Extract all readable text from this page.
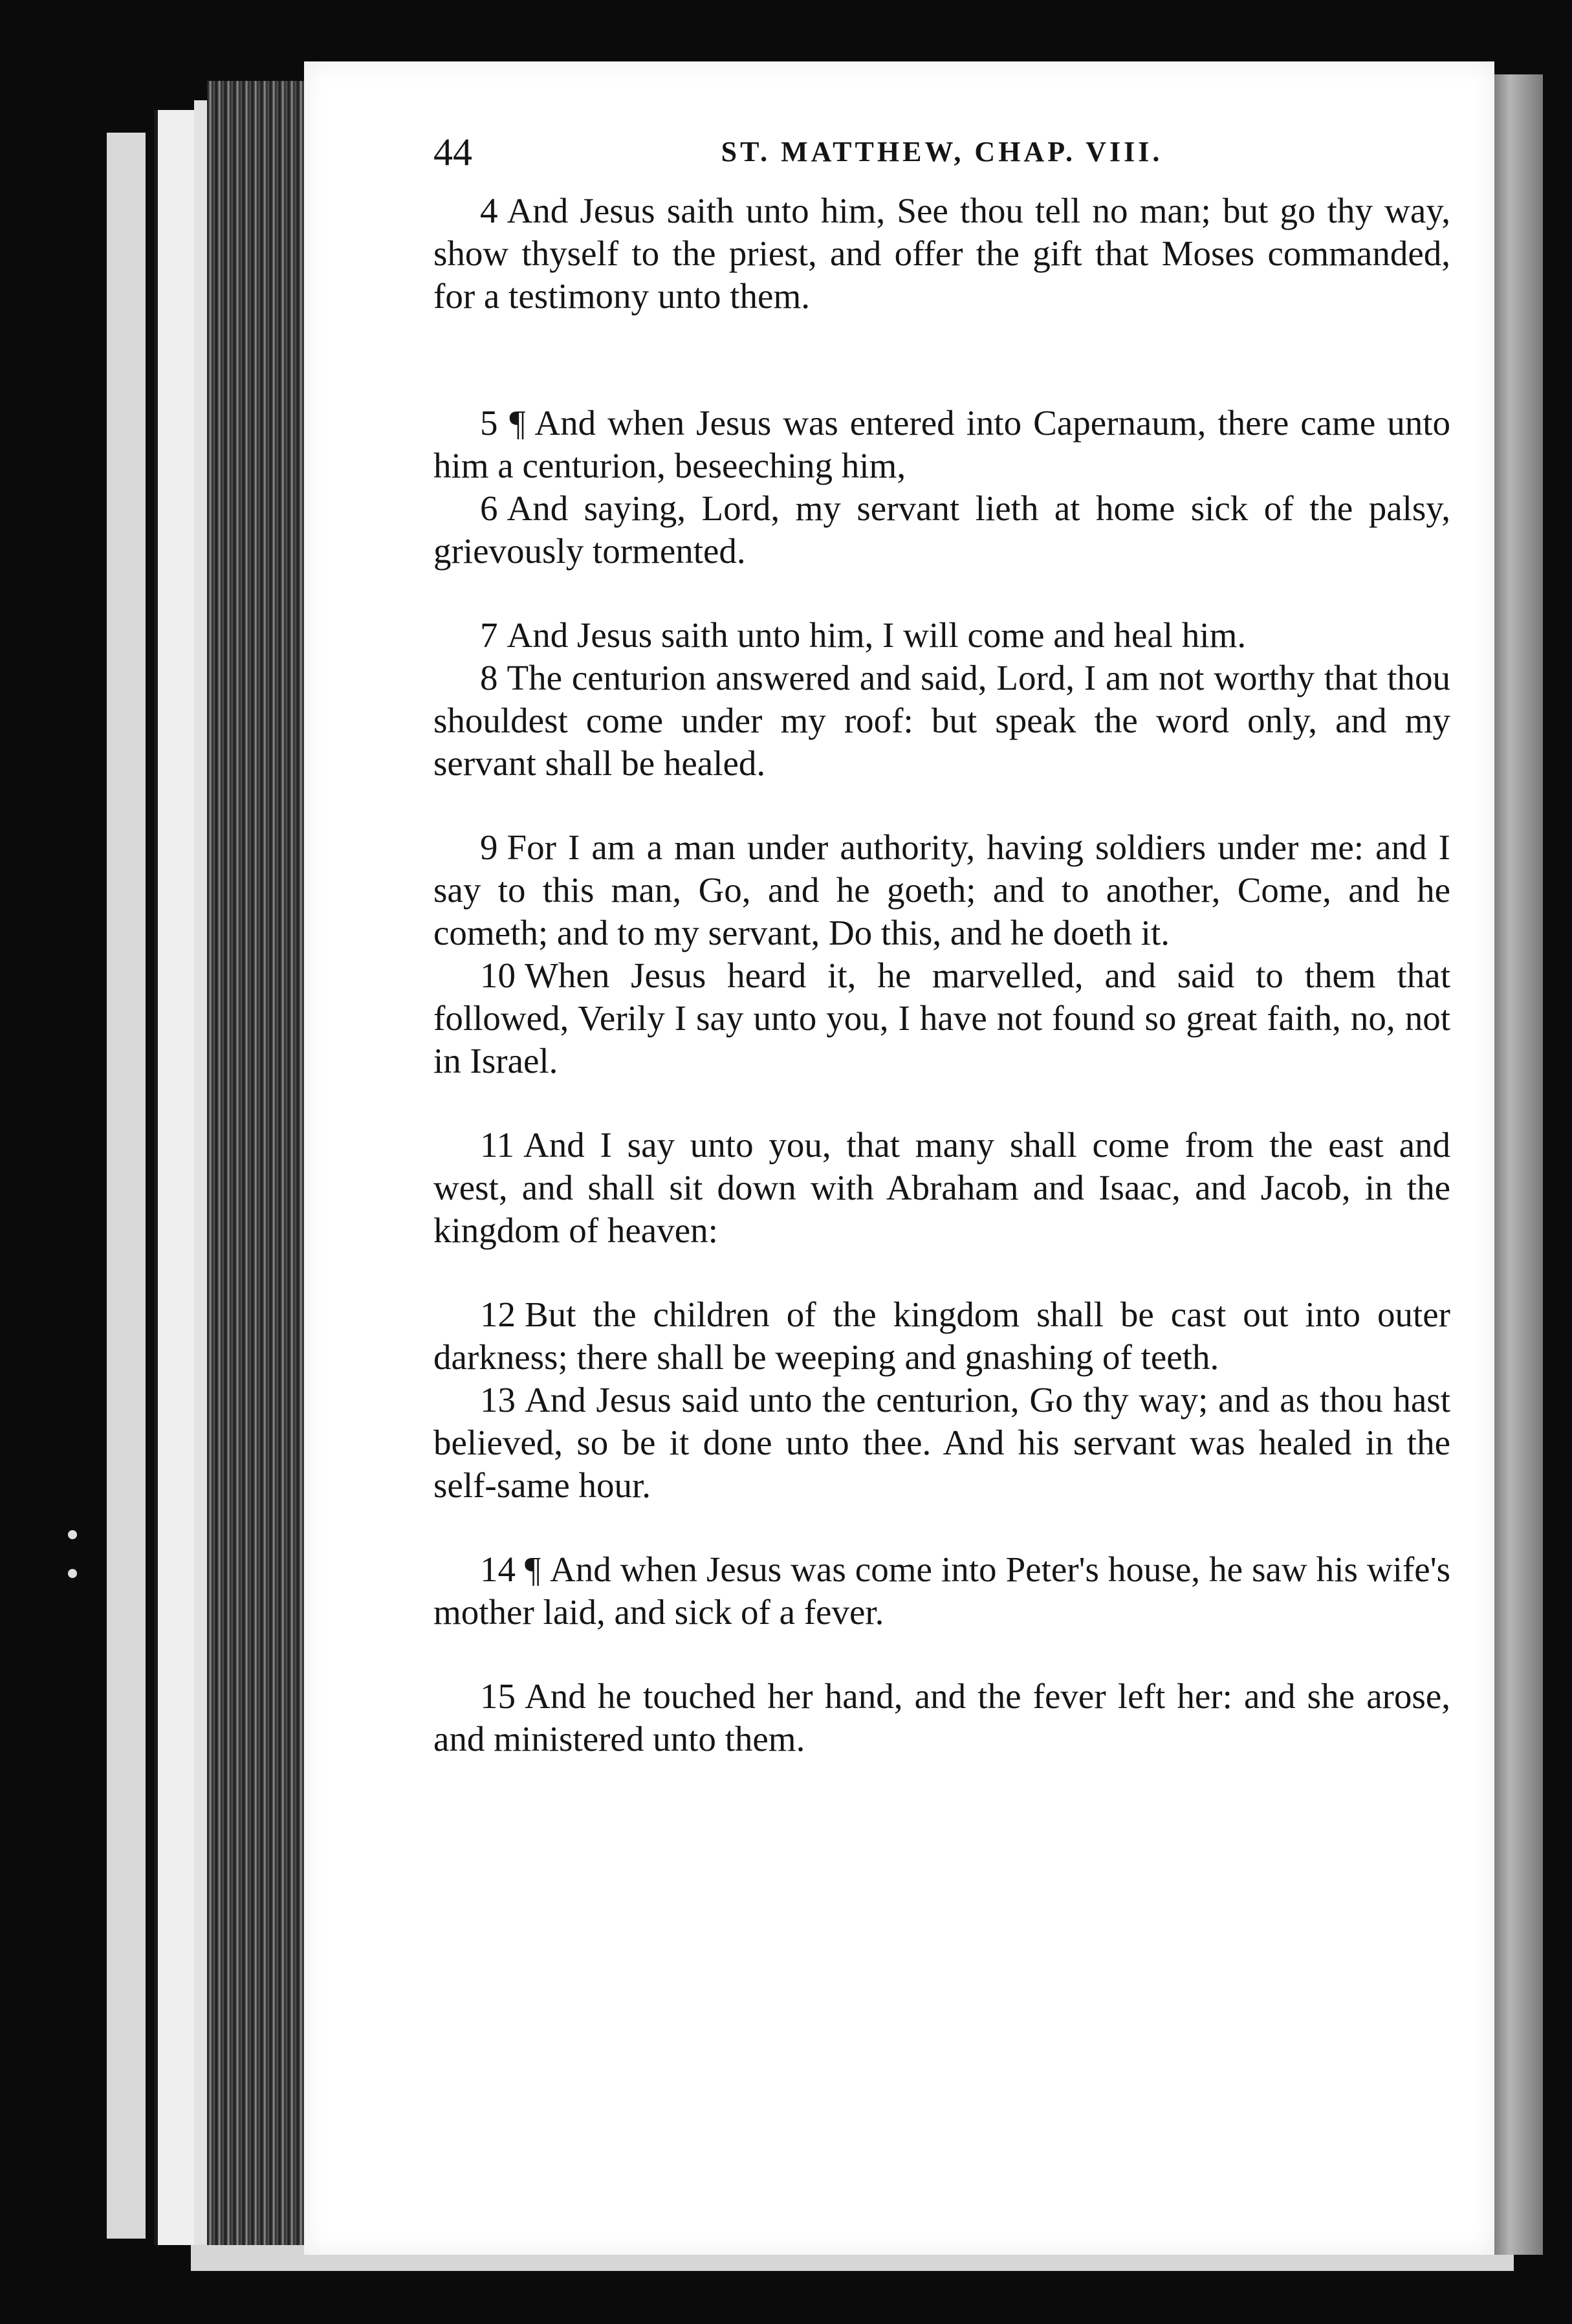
44	ST. MATTHEW, CHAP. VIII.

4 And Jesus saith unto him, See thou tell no man; but go thy way, show thyself to the priest, and offer the gift that Moses commanded, for a testimony unto them.

5 ¶ And when Jesus was entered into Capernaum, there came unto him a centurion, beseeching him,

6 And saying, Lord, my servant lieth at home sick of the palsy, grievously tormented.

7 And Jesus saith unto him, I will come and heal him.

8 The centurion answered and said, Lord, I am not worthy that thou shouldest come under my roof: but speak the word only, and my servant shall be healed.

9 For I am a man under authority, having soldiers under me: and I say to this man, Go, and he goeth; and to another, Come, and he cometh; and to my servant, Do this, and he doeth it.

10 When Jesus heard it, he marvelled, and said to them that followed, Verily I say unto you, I have not found so great faith, no, not in Israel.

11 And I say unto you, that many shall come from the east and west, and shall sit down with Abraham and Isaac, and Jacob, in the kingdom of heaven:

12 But the children of the kingdom shall be cast out into outer darkness; there shall be weeping and gnashing of teeth.

13 And Jesus said unto the centurion, Go thy way; and as thou hast believed, so be it done unto thee. And his servant was healed in the self-same hour.

14 ¶ And when Jesus was come into Peter's house, he saw his wife's mother laid, and sick of a fever.

15 And he touched her hand, and the fever left her: and she arose, and ministered unto them.
